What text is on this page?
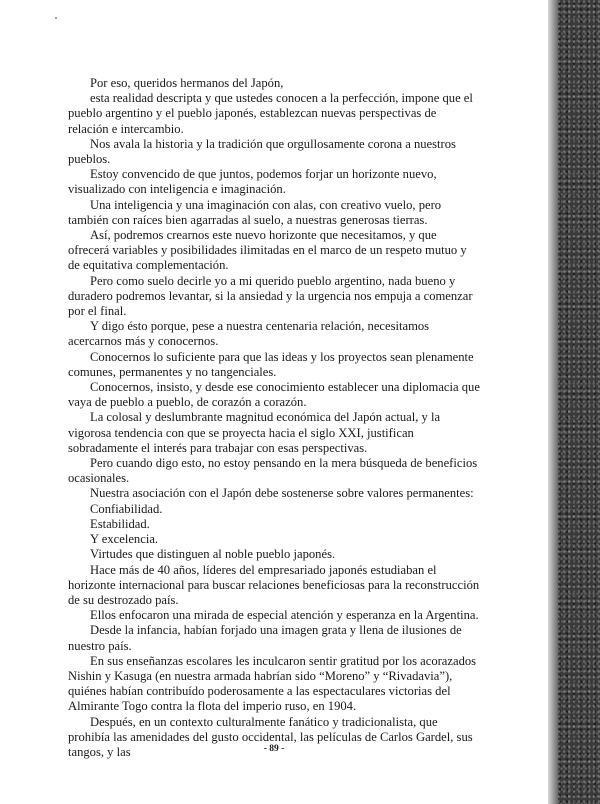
Por eso, queridos hermanos del Japón,

esta realidad descripta y que ustedes conocen a la perfección, impone que el pueblo argentino y el pueblo japonés, establezcan nuevas perspectivas de relación e intercambio.

Nos avala la historia y la tradición que orgullosamente corona a nuestros pueblos.

Estoy convencido de que juntos, podemos forjar un horizonte nuevo, visualizado con inteligencia e imaginación.

Una inteligencia y una imaginación con alas, con creativo vuelo, pero también con raíces bien agarradas al suelo, a nuestras generosas tierras.

Así, podremos crearnos este nuevo horizonte que necesitamos, y que ofrecerá variables y posibilidades ilimitadas en el marco de un respeto mutuo y de equitativa complementación.

Pero como suelo decirle yo a mi querido pueblo argentino, nada bueno y duradero podremos levantar, si la ansiedad y la urgencia nos empuja a comenzar por el final.

Y digo ésto porque, pese a nuestra centenaria relación, necesitamos acercarnos más y conocernos.

Conocernos lo suficiente para que las ideas y los proyectos sean plenamente comunes, permanentes y no tangenciales.

Conocernos, insisto, y desde ese conocimiento establecer una diplomacia que vaya de pueblo a pueblo, de corazón a corazón.

La colosal y deslumbrante magnitud económica del Japón actual, y la vigorosa tendencia con que se proyecta hacia el siglo XXI, justifican sobradamente el interés para trabajar con esas perspectivas.

Pero cuando digo esto, no estoy pensando en la mera búsqueda de beneficios ocasionales.

Nuestra asociación con el Japón debe sostenerse sobre valores permanentes:

Confiabilidad.

Estabilidad.

Y excelencia.

Virtudes que distinguen al noble pueblo japonés.

Hace más de 40 años, líderes del empresariado japonés estudiaban el horizonte internacional para buscar relaciones beneficiosas para la reconstrucción de su destrozado país.

Ellos enfocaron una mirada de especial atención y esperanza en la Argentina.

Desde la infancia, habían forjado una imagen grata y llena de ilusiones de nuestro país.

En sus enseñanzas escolares les inculcaron sentir gratitud por los acorazados Nishin y Kasuga (en nuestra armada habrían sido “Moreno” y “Rivadavia”), quiénes habían contribuído poderosamente a las espectaculares victorias del Almirante Togo contra la flota del imperio ruso, en 1904.

Después, en un contexto culturalmente fanático y tradicionalista, que prohibía las amenidades del gusto occidental, las películas de Carlos Gardel, sus tangos, y las	- 89 -
